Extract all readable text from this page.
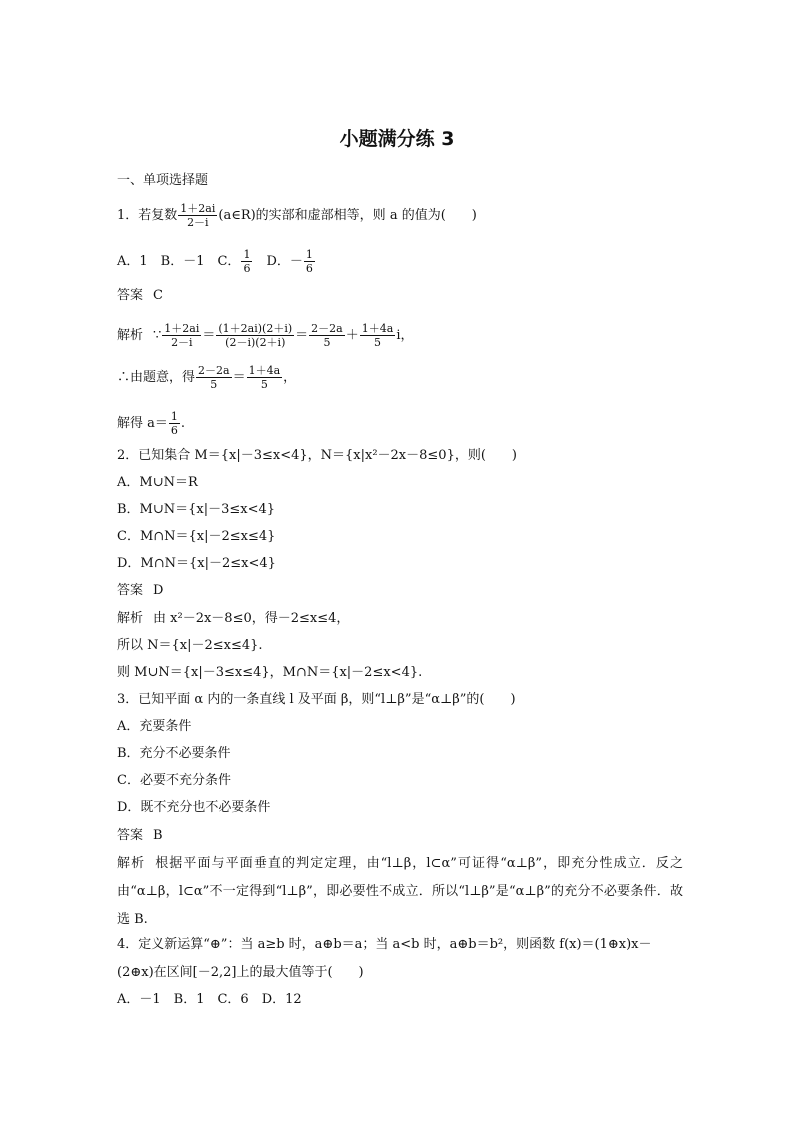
小题满分练 3
一、单项选择题
1．若复数 $\frac{1+2ai}{2-i}$ (a∈R)的实部和虚部相等，则 a 的值为(　　)
A．1　B．－1　C． $\frac{1}{6}$ 　D．－ $\frac{1}{6}$
答案 C
解析 ∵ $\frac{1+2ai}{2-i} = \frac{(1+2ai)(2+i)}{(2-i)(2+i)} = \frac{2-2a}{5} + \frac{1+4a}{5}$ i，
∴由题意，得 $\frac{2-2a}{5} = \frac{1+4a}{5}$ ，
解得 $a= \frac{1}{6}$ .
2．已知集合 M＝{x|－3≤x<4}，N＝{x|x²－2x－8≤0}，则(　　)
A．M∪N＝R
B．M∪N＝{x|－3≤x<4}
C．M∩N＝{x|－2≤x≤4}
D．M∩N＝{x|－2≤x<4}
答案 D
解析 由 x²－2x－8≤0，得－2≤x≤4，
所以 N＝{x|－2≤x≤4}.
则 M∪N＝{x|－3≤x≤4}，M∩N＝{x|－2≤x<4}.
3．已知平面 α 内的一条直线 l 及平面 β，则“l⊥β”是“α⊥β”的(　　)
A．充要条件
B．充分不必要条件
C．必要不充分条件
D．既不充分也不必要条件
答案 B
解析 根据平面与平面垂直的判定定理，由“l⊥β，l⊂α”可证得“α⊥β”，即充分性成立．反之由“α⊥β，l⊂α”不一定得到“l⊥β”，即必要性不成立．所以“l⊥β”是“α⊥β”的充分不必要条件．故选 B.
4．定义新运算“⊕”：当 a≥b 时，a⊕b＝a；当 a<b 时，a⊕b＝b²，则函数 f(x)＝(1⊕x)x－
(2⊕x)在区间[－2,2]上的最大值等于(　　)
A．－1　B．1　C．6　D．12
